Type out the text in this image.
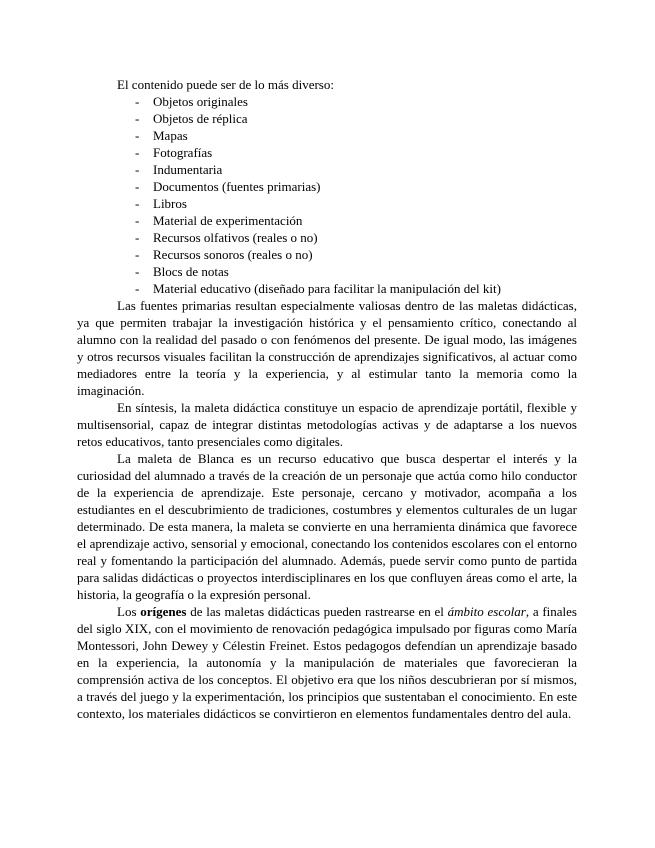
El contenido puede ser de lo más diverso:

- Objetos originales
- Objetos de réplica
- Mapas
- Fotografías
- Indumentaria
- Documentos (fuentes primarias)
- Libros
- Material de experimentación
- Recursos olfativos (reales o no)
- Recursos sonoros (reales o no)
- Blocs de notas
- Material educativo (diseñado para facilitar la manipulación del kit)

Las fuentes primarias resultan especialmente valiosas dentro de las maletas didácticas, ya que permiten trabajar la investigación histórica y el pensamiento crítico, conectando al alumno con la realidad del pasado o con fenómenos del presente. De igual modo, las imágenes y otros recursos visuales facilitan la construcción de aprendizajes significativos, al actuar como mediadores entre la teoría y la experiencia, y al estimular tanto la memoria como la imaginación.

En síntesis, la maleta didáctica constituye un espacio de aprendizaje portátil, flexible y multisensorial, capaz de integrar distintas metodologías activas y de adaptarse a los nuevos retos educativos, tanto presenciales como digitales.

La maleta de Blanca es un recurso educativo que busca despertar el interés y la curiosidad del alumnado a través de la creación de un personaje que actúa como hilo conductor de la experiencia de aprendizaje. Este personaje, cercano y motivador, acompaña a los estudiantes en el descubrimiento de tradiciones, costumbres y elementos culturales de un lugar determinado. De esta manera, la maleta se convierte en una herramienta dinámica que favorece el aprendizaje activo, sensorial y emocional, conectando los contenidos escolares con el entorno real y fomentando la participación del alumnado. Además, puede servir como punto de partida para salidas didácticas o proyectos interdisciplinares en los que confluyen áreas como el arte, la historia, la geografía o la expresión personal.

Los orígenes de las maletas didácticas pueden rastrearse en el ámbito escolar, a finales del siglo XIX, con el movimiento de renovación pedagógica impulsado por figuras como María Montessori, John Dewey y Célestin Freinet. Estos pedagogos defendían un aprendizaje basado en la experiencia, la autonomía y la manipulación de materiales que favorecieran la comprensión activa de los conceptos. El objetivo era que los niños descubrieran por sí mismos, a través del juego y la experimentación, los principios que sustentaban el conocimiento. En este contexto, los materiales didácticos se convirtieron en elementos fundamentales dentro del aula.
